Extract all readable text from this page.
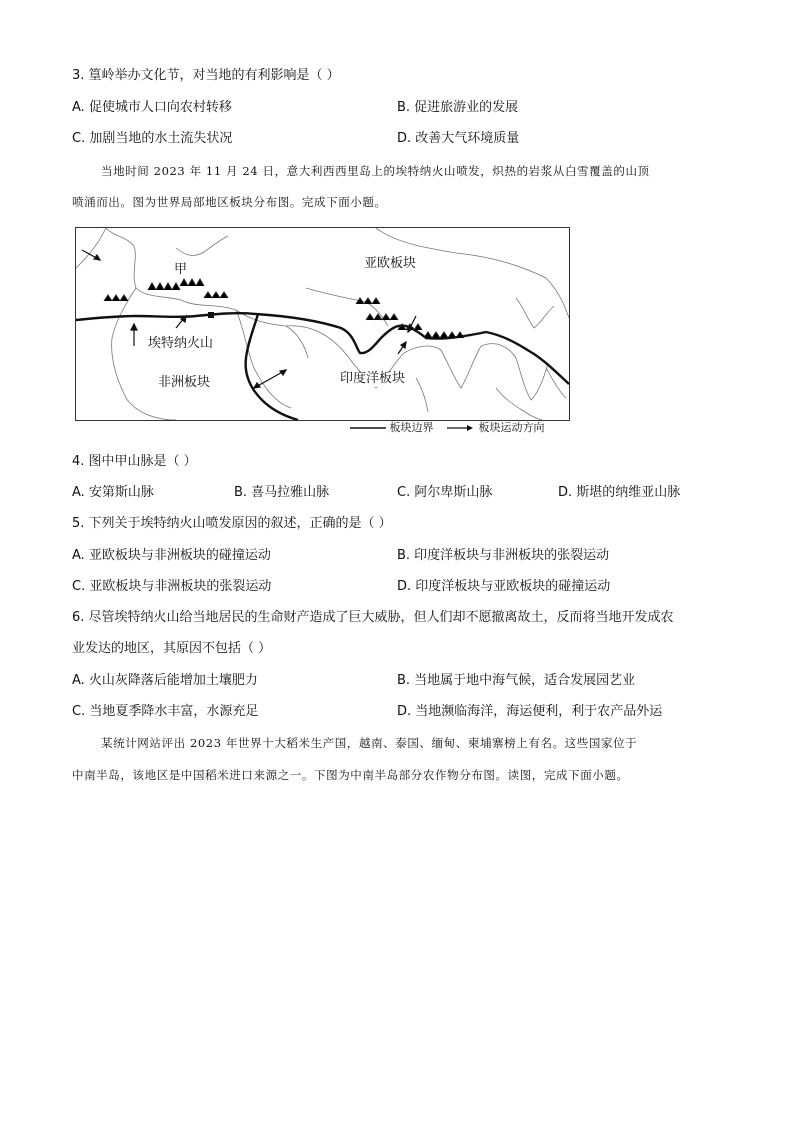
3. 篁岭举办文化节，对当地的有利影响是（ ）
A. 促使城市人口向农村转移	B. 促进旅游业的发展
C. 加剧当地的水土流失状况	D. 改善大气环境质量
当地时间 2023 年 11 月 24 日，意大利西西里岛上的埃特纳火山喷发，炽热的岩浆从白雪覆盖的山顶
喷涌而出。图为世界局部地区板块分布图。完成下面小题。
甲	亚欧板块
埃特纳火山
非洲板块	印度洋板块
板块边界	板块运动方向
4. 图中甲山脉是（ ）
A. 安第斯山脉	B. 喜马拉雅山脉	C. 阿尔卑斯山脉	D. 斯堪的纳维亚山脉
5. 下列关于埃特纳火山喷发原因的叙述，正确的是（ ）
A. 亚欧板块与非洲板块的碰撞运动	B. 印度洋板块与非洲板块的张裂运动
C. 亚欧板块与非洲板块的张裂运动	D. 印度洋板块与亚欧板块的碰撞运动
6. 尽管埃特纳火山给当地居民的生命财产造成了巨大威胁，但人们却不愿撤离故土，反而将当地开发成农
业发达的地区，其原因不包括（ ）
A. 火山灰降落后能增加土壤肥力	B. 当地属于地中海气候，适合发展园艺业
C. 当地夏季降水丰富，水源充足	D. 当地濒临海洋，海运便利，利于农产品外运
某统计网站评出 2023 年世界十大稻米生产国，越南、泰国、缅甸、柬埔寨榜上有名。这些国家位于
中南半岛，该地区是中国稻米进口来源之一。下图为中南半岛部分农作物分布图。读图，完成下面小题。
